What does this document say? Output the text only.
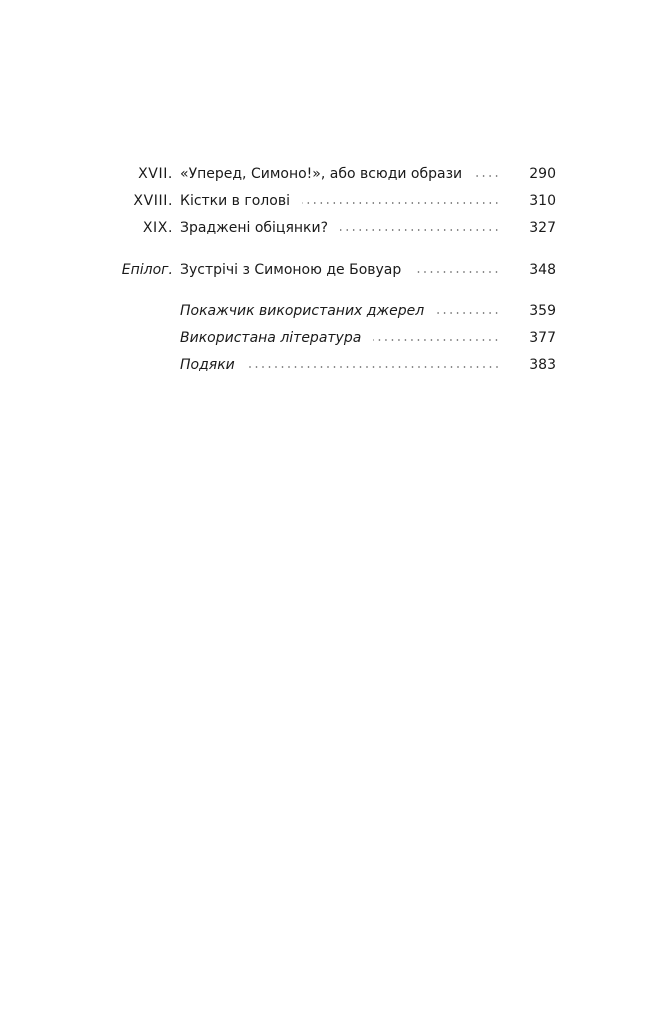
XVII. «Уперед, Симоно!», або всюди образи	290
XVIII. Кістки в голові	310
XIX. Зраджені обіцянки?	327
Епілог. Зустрічі з Симоною де Бовуар	348
Покажчик використаних джерел	359
Використана література	377
Подяки	383
